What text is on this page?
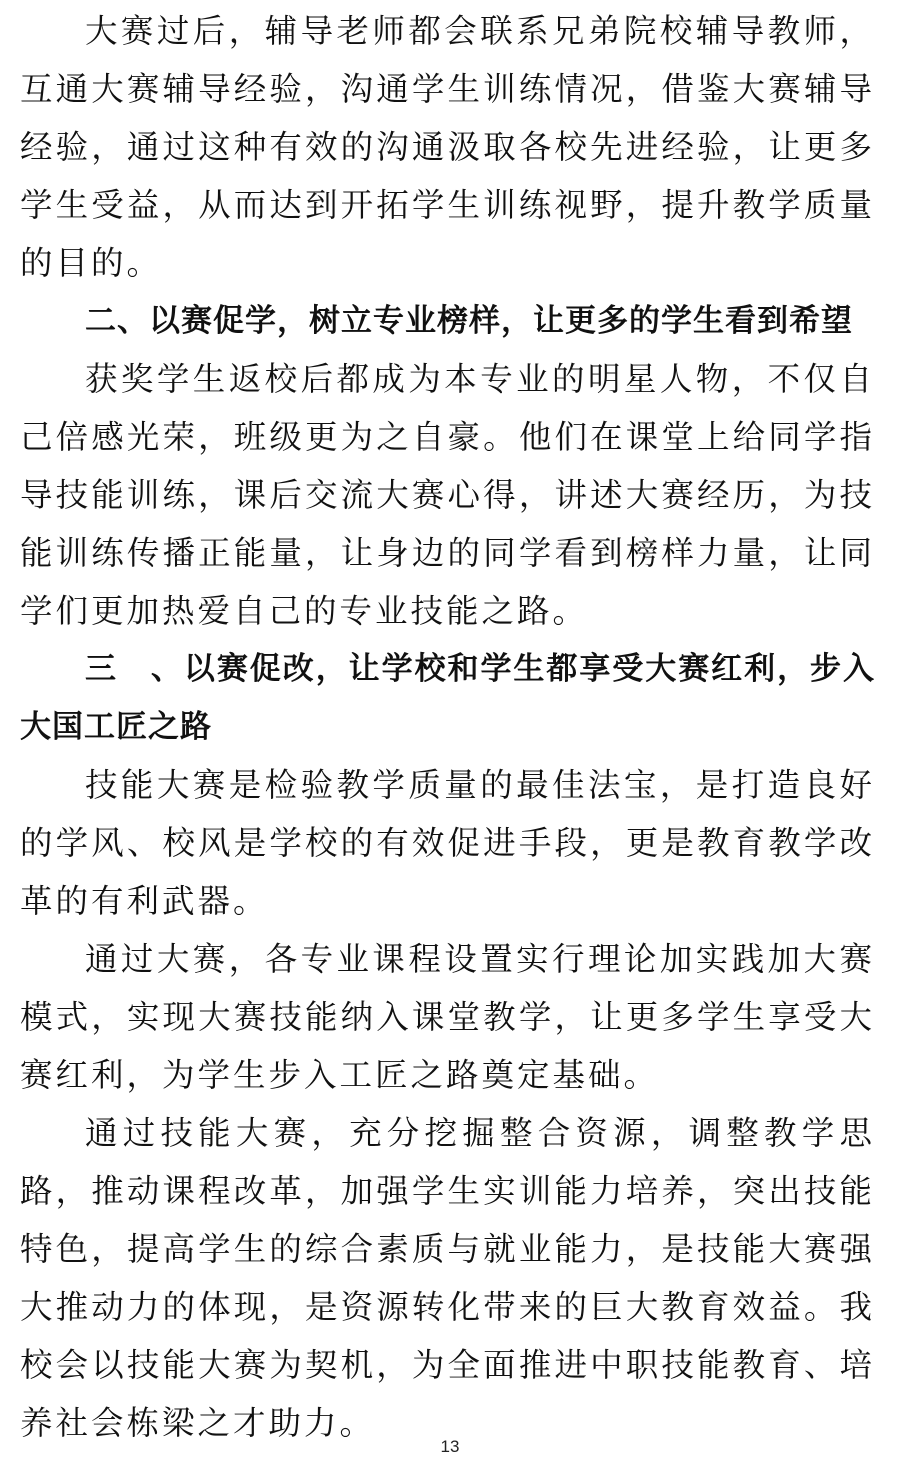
大赛过后，辅导老师都会联系兄弟院校辅导教师，互通大赛辅导经验，沟通学生训练情况，借鉴大赛辅导经验，通过这种有效的沟通汲取各校先进经验，让更多学生受益，从而达到开拓学生训练视野，提升教学质量的目的。

二、以赛促学，树立专业榜样，让更多的学生看到希望

获奖学生返校后都成为本专业的明星人物，不仅自己倍感光荣，班级更为之自豪。他们在课堂上给同学指导技能训练，课后交流大赛心得，讲述大赛经历，为技能训练传播正能量，让身边的同学看到榜样力量，让同学们更加热爱自己的专业技能之路。

三　、以赛促改，让学校和学生都享受大赛红利，步入大国工匠之路

技能大赛是检验教学质量的最佳法宝，是打造良好的学风、校风是学校的有效促进手段，更是教育教学改革的有利武器。

通过大赛，各专业课程设置实行理论加实践加大赛模式，实现大赛技能纳入课堂教学，让更多学生享受大赛红利，为学生步入工匠之路奠定基础。

通过技能大赛，充分挖掘整合资源，调整教学思路，推动课程改革，加强学生实训能力培养，突出技能特色，提高学生的综合素质与就业能力，是技能大赛强大推动力的体现，是资源转化带来的巨大教育效益。我校会以技能大赛为契机，为全面推进中职技能教育、培养社会栋梁之才助力。

13
